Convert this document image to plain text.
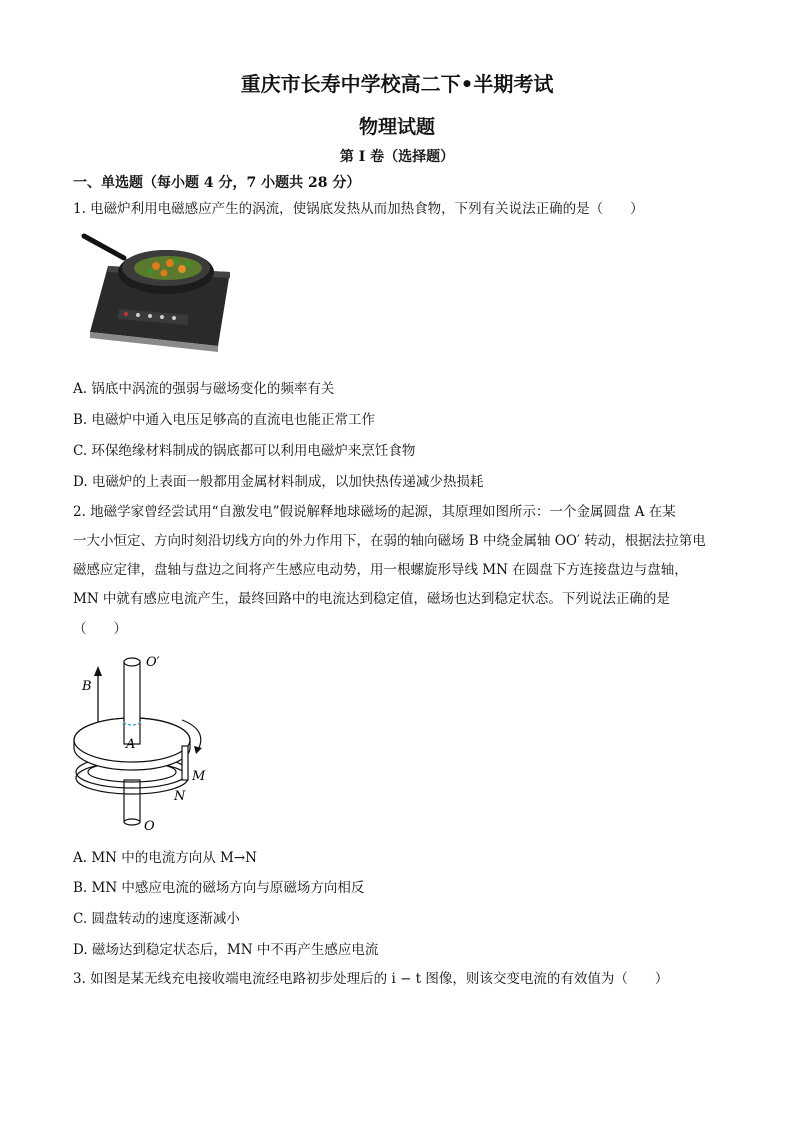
重庆市长寿中学校高二下•半期考试
物理试题
第 I 卷（选择题）
一、单选题（每小题 4 分，7 小题共 28 分）
1. 电磁炉利用电磁感应产生的涡流，使锅底发热从而加热食物，下列有关说法正确的是（　　）
A. 锅底中涡流的强弱与磁场变化的频率有关
B. 电磁炉中通入电压足够高的直流电也能正常工作
C. 环保绝缘材料制成的锅底都可以利用电磁炉来烹饪食物
D. 电磁炉的上表面一般都用金属材料制成，以加快热传递减少热损耗
2. 地磁学家曾经尝试用“自激发电”假说解释地球磁场的起源，其原理如图所示：一个金属圆盘 A 在某
一大小恒定、方向时刻沿切线方向的外力作用下，在弱的轴向磁场 B 中绕金属轴 OO′ 转动，根据法拉第电
磁感应定律，盘轴与盘边之间将产生感应电动势，用一根螺旋形导线 MN 在圆盘下方连接盘边与盘轴，
MN 中就有感应电流产生，最终回路中的电流达到稳定值，磁场也达到稳定状态。下列说法正确的是
（　　）
B
O′
A
M
N
O
A. MN 中的电流方向从 M→N
B. MN 中感应电流的磁场方向与原磁场方向相反
C. 圆盘转动的速度逐渐减小
D. 磁场达到稳定状态后，MN 中不再产生感应电流
3. 如图是某无线充电接收端电流经电路初步处理后的 i − t 图像，则该交变电流的有效值为（　　）
